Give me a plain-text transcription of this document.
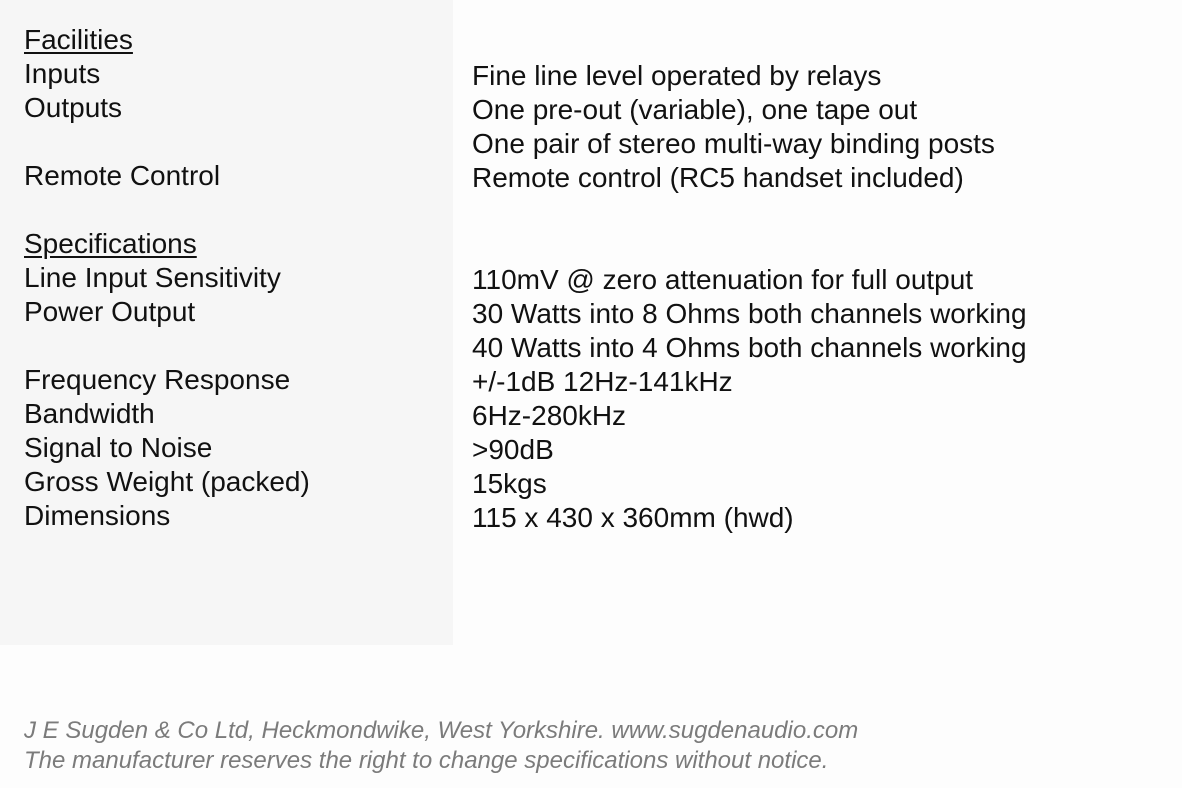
Facilities
Inputs	Fine line level operated by relays
Outputs	One pre-out (variable), one tape out
One pair of stereo multi-way binding posts
Remote Control	Remote control (RC5 handset included)
Specifications
Line Input Sensitivity	110mV @ zero attenuation for full output
Power Output	30 Watts into 8 Ohms both channels working
40 Watts into 4 Ohms both channels working
Frequency Response	+/-1dB 12Hz-141kHz
Bandwidth	6Hz-280kHz
Signal to Noise	>90dB
Gross Weight (packed)	15kgs
Dimensions	115 x 430 x 360mm (hwd)
J E Sugden & Co Ltd, Heckmondwike, West Yorkshire. www.sugdenaudio.com
The manufacturer reserves the right to change specifications without notice.
